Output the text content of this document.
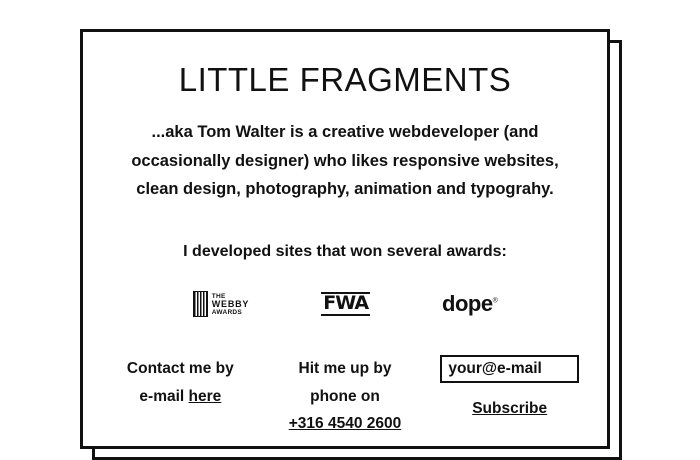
LITTLE FRAGMENTS

...aka Tom Walter is a creative webdeveloper (and occasionally designer) who likes responsive websites, clean design, photography, animation and typograhy.

I developed sites that won several awards:

THE
WEBBY
AWARDS	FWA	dope®
Contact me by
e-mail here
Hit me up by
phone on
+316 4540 2600
your@e-mail Subscribe
